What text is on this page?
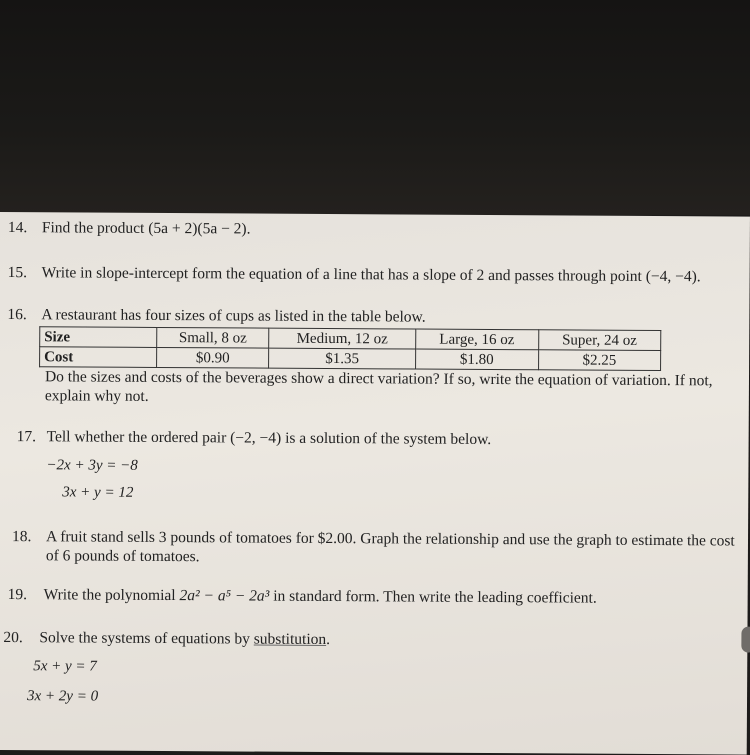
14. Find the product (5a + 2)(5a − 2).
15. Write in slope-intercept form the equation of a line that has a slope of 2 and passes through point (−4, −4).
16. A restaurant has four sizes of cups as listed in the table below.
Size	Small, 8 oz	Medium, 12 oz	Large, 16 oz	Super, 24 oz
Cost	$0.90	$1.35	$1.80	$2.25
Do the sizes and costs of the beverages show a direct variation? If so, write the equation of variation. If not, explain why not.
17. Tell whether the ordered pair (−2, −4) is a solution of the system below.
−2x + 3y = −8
3x + y = 12
18. A fruit stand sells 3 pounds of tomatoes for $2.00. Graph the relationship and use the graph to estimate the cost of 6 pounds of tomatoes.
19.	Write the polynomial 2a² − a⁵ − 2a³ in standard form. Then write the leading coefficient.
20.	Solve the systems of equations by substitution.
5x + y = 7
3x + 2y = 0
